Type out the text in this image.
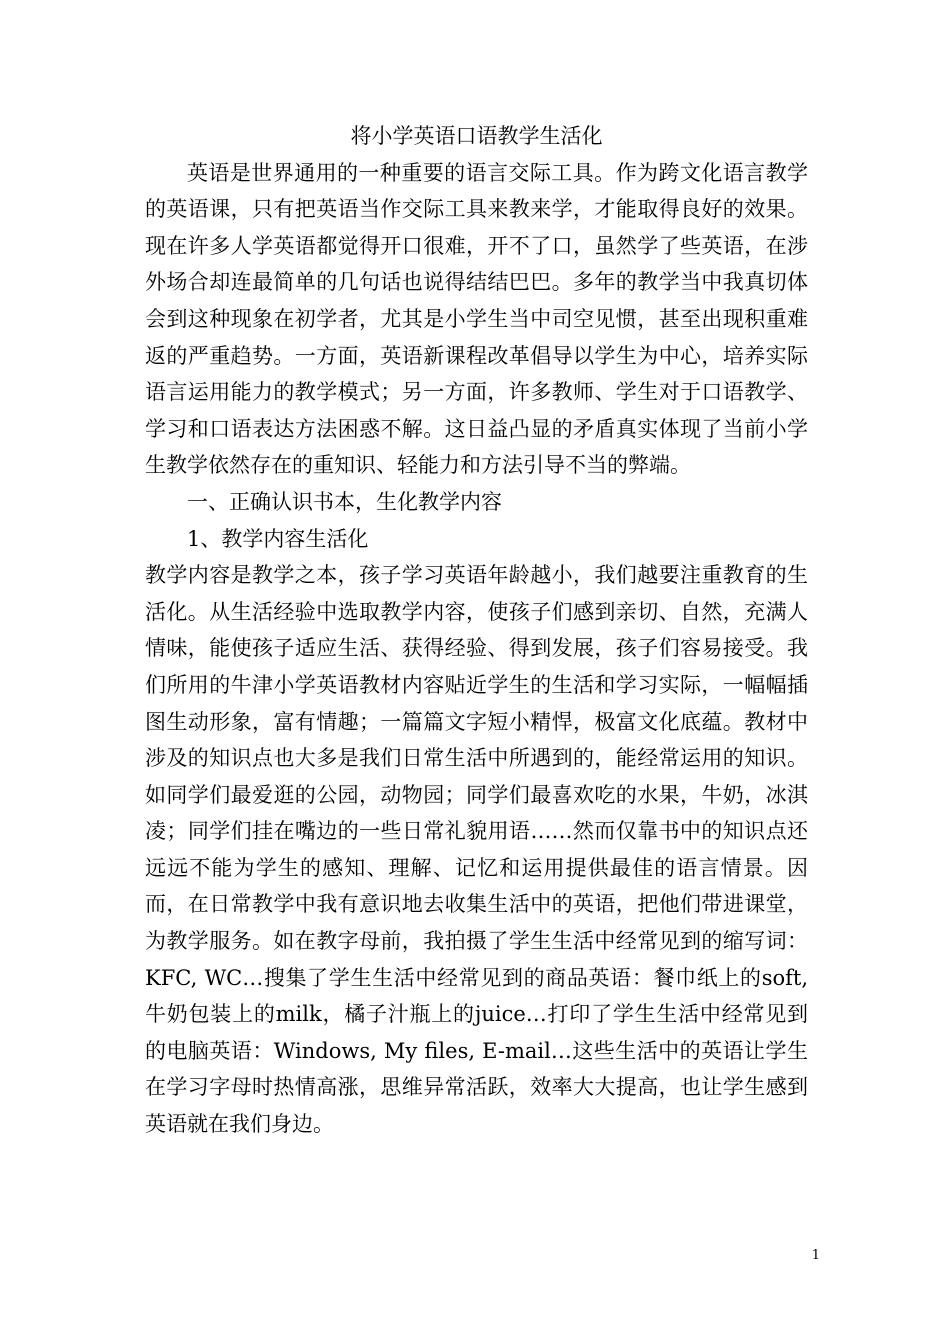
将小学英语口语教学生活化

英语是世界通用的一种重要的语言交际工具。作为跨文化语言教学的英语课，只有把英语当作交际工具来教来学，才能取得良好的效果。现在许多人学英语都觉得开口很难，开不了口，虽然学了些英语，在涉外场合却连最简单的几句话也说得结结巴巴。多年的教学当中我真切体会到这种现象在初学者，尤其是小学生当中司空见惯，甚至出现积重难返的严重趋势。一方面，英语新课程改革倡导以学生为中心，培养实际语言运用能力的教学模式；另一方面，许多教师、学生对于口语教学、学习和口语表达方法困惑不解。这日益凸显的矛盾真实体现了当前小学生教学依然存在的重知识、轻能力和方法引导不当的弊端。

一、正确认识书本，生化教学内容

1、教学内容生活化

教学内容是教学之本，孩子学习英语年龄越小，我们越要注重教育的生活化。从生活经验中选取教学内容，使孩子们感到亲切、自然，充满人情味，能使孩子适应生活、获得经验、得到发展，孩子们容易接受。我们所用的牛津小学英语教材内容贴近学生的生活和学习实际，一幅幅插图生动形象，富有情趣；一篇篇文字短小精悍，极富文化底蕴。教材中涉及的知识点也大多是我们日常生活中所遇到的，能经常运用的知识。如同学们最爱逛的公园，动物园；同学们最喜欢吃的水果，牛奶，冰淇凌；同学们挂在嘴边的一些日常礼貌用语……然而仅靠书中的知识点还远远不能为学生的感知、理解、记忆和运用提供最佳的语言情景。因而，在日常教学中我有意识地去收集生活中的英语，把他们带进课堂，为教学服务。如在教字母前，我拍摄了学生生活中经常见到的缩写词：KFC, WC…搜集了学生生活中经常见到的商品英语：餐巾纸上的soft, 牛奶包装上的milk，橘子汁瓶上的juice…打印了学生生活中经常见到的电脑英语：Windows, My files, E-mail…这些生活中的英语让学生在学习字母时热情高涨，思维异常活跃，效率大大提高，也让学生感到英语就在我们身边。

1
